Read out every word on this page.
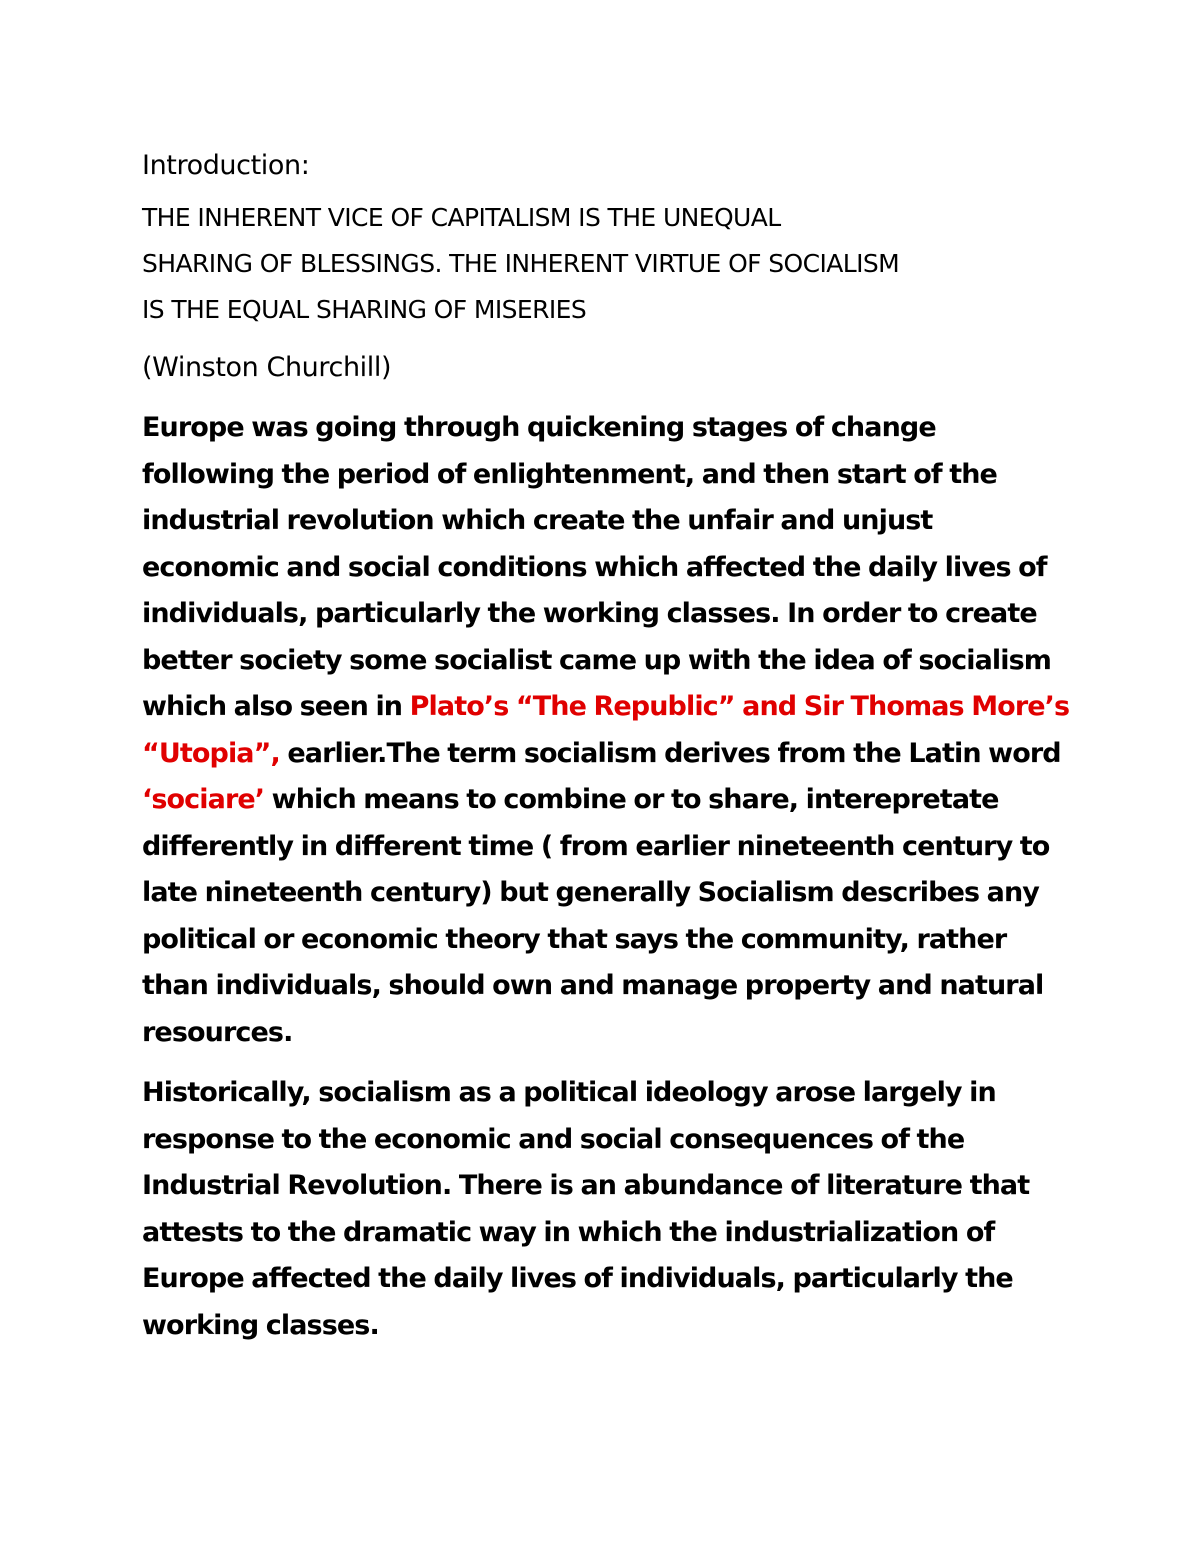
Introduction:

THE INHERENT VICE OF CAPITALISM IS THE UNEQUAL
SHARING OF BLESSINGS. THE INHERENT VIRTUE OF SOCIALISM
IS THE EQUAL SHARING OF MISERIES

(Winston Churchill)

Europe was going through quickening stages of change following the period of enlightenment, and then start of the industrial revolution which create the unfair and unjust economic and social conditions which affected the daily lives of individuals, particularly the working classes. In order to create better society some socialist came up with the idea of socialism which also seen in Plato’s “The Republic” and Sir Thomas More’s “Utopia”, earlier.The term socialism derives from the Latin word ‘sociare’ which means to combine or to share, interepretate differently in different time ( from earlier nineteenth century to late nineteenth century) but generally Socialism describes any political or economic theory that says the community, rather than individuals, should own and manage property and natural resources.

Historically, socialism as a political ideology arose largely in response to the economic and social consequences of the Industrial Revolution. There is an abundance of literature that attests to the dramatic way in which the industrialization of Europe affected the daily lives of individuals, particularly the working classes.
